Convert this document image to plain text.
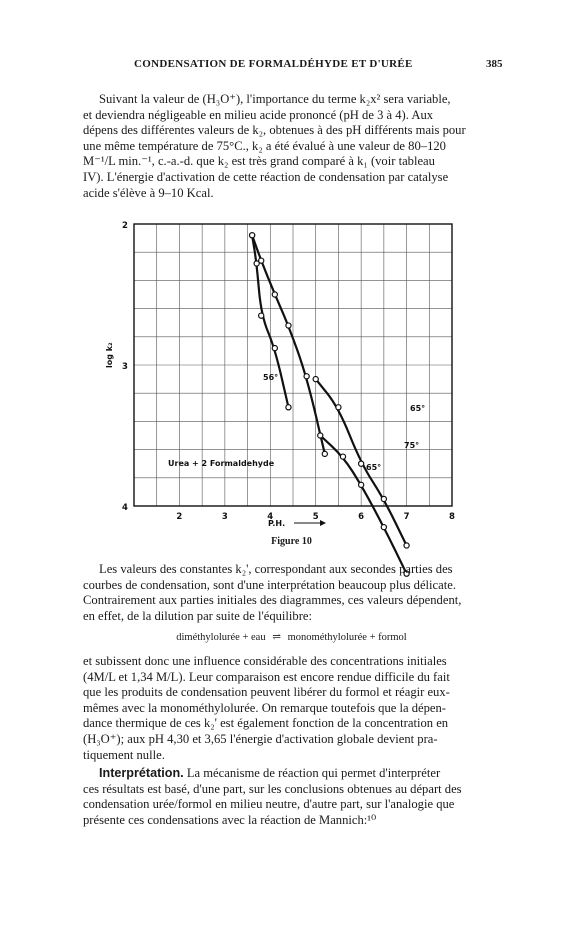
CONDENSATION DE FORMALDÉHYDE ET D'URÉE	385

Suivant la valeur de (H₃O⁺), l'importance du terme k₂x² sera variable,

et deviendra négligeable en milieu acide prononcé (pH de 3 à 4). Aux

dépens des différentes valeurs de k₂, obtenues à des pH différents mais pour

une même température de 75°C., k₂ a été évalué à une valeur de 80–120

M⁻¹/L min.⁻¹, c.-a.-d. que k₂ est très grand comparé à k₁ (voir tableau

IV). L'énergie d'activation de cette réaction de condensation par catalyse

acide s'élève à 9–10 Kcal.

2	3	4	5	6	7	8
2
3
4
log k₂
P.H.
Urea + 2 Formaldehyde
56°
65°
75°
65°
Figure 10

Les valeurs des constantes k₂', correspondant aux secondes parties des

courbes de condensation, sont d'une interprétation beaucoup plus délicate.

Contrairement aux parties initiales des diagrammes, ces valeurs dépendent,

en effet, de la dilution par suite de l'équilibre:

diméthylolurée + eau ⇌ monométhylolurée + formol

et subissent donc une influence considérable des concentrations initiales

(4M/L et 1,34 M/L). Leur comparaison est encore rendue difficile du fait

que les produits de condensation peuvent libérer du formol et réagir eux-

mêmes avec la monométhylolurée. On remarque toutefois que la dépen-

dance thermique de ces k₂' est également fonction de la concentration en

(H₃O⁺); aux pH 4,30 et 3,65 l'énergie d'activation globale devient pra-

tiquement nulle.

Interprétation. La mécanisme de réaction qui permet d'interpréter

ces résultats est basé, d'une part, sur les conclusions obtenues au départ des

condensation urée/formol en milieu neutre, d'autre part, sur l'analogie que

présente ces condensations avec la réaction de Mannich:¹⁰
